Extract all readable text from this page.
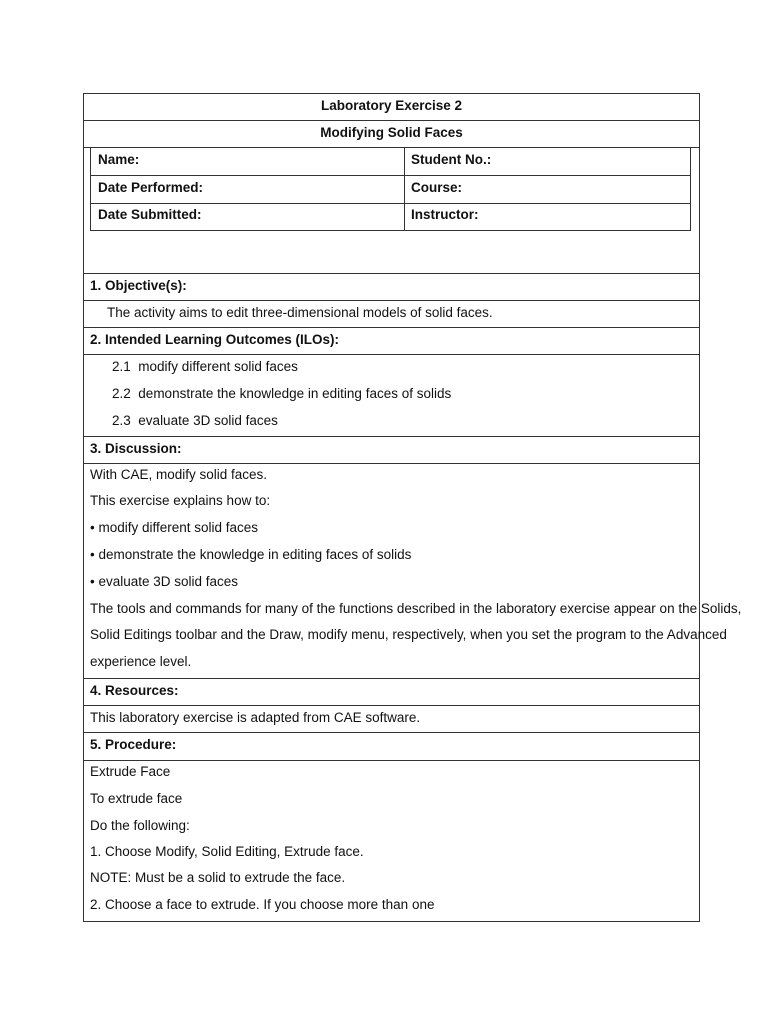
Laboratory Exercise 2
Modifying Solid Faces
Name:	Student No.:
Date Performed:	Course:
Date Submitted:	Instructor:
1. Objective(s):
The activity aims to edit three-dimensional models of solid faces.
2. Intended Learning Outcomes (ILOs):
2.1 modify different solid faces
2.2 demonstrate the knowledge in editing faces of solids
2.3 evaluate 3D solid faces
3. Discussion:
With CAE, modify solid faces.
This exercise explains how to:
• modify different solid faces
• demonstrate the knowledge in editing faces of solids
• evaluate 3D solid faces
The tools and commands for many of the functions described in the laboratory exercise appear on the Solids,
Solid Editings toolbar and the Draw, modify menu, respectively, when you set the program to the Advanced
experience level.
4. Resources:
This laboratory exercise is adapted from CAE software.
5. Procedure:
Extrude Face
To extrude face
Do the following:
1. Choose Modify, Solid Editing, Extrude face.
NOTE: Must be a solid to extrude the face.
2. Choose a face to extrude. If you choose more than one
